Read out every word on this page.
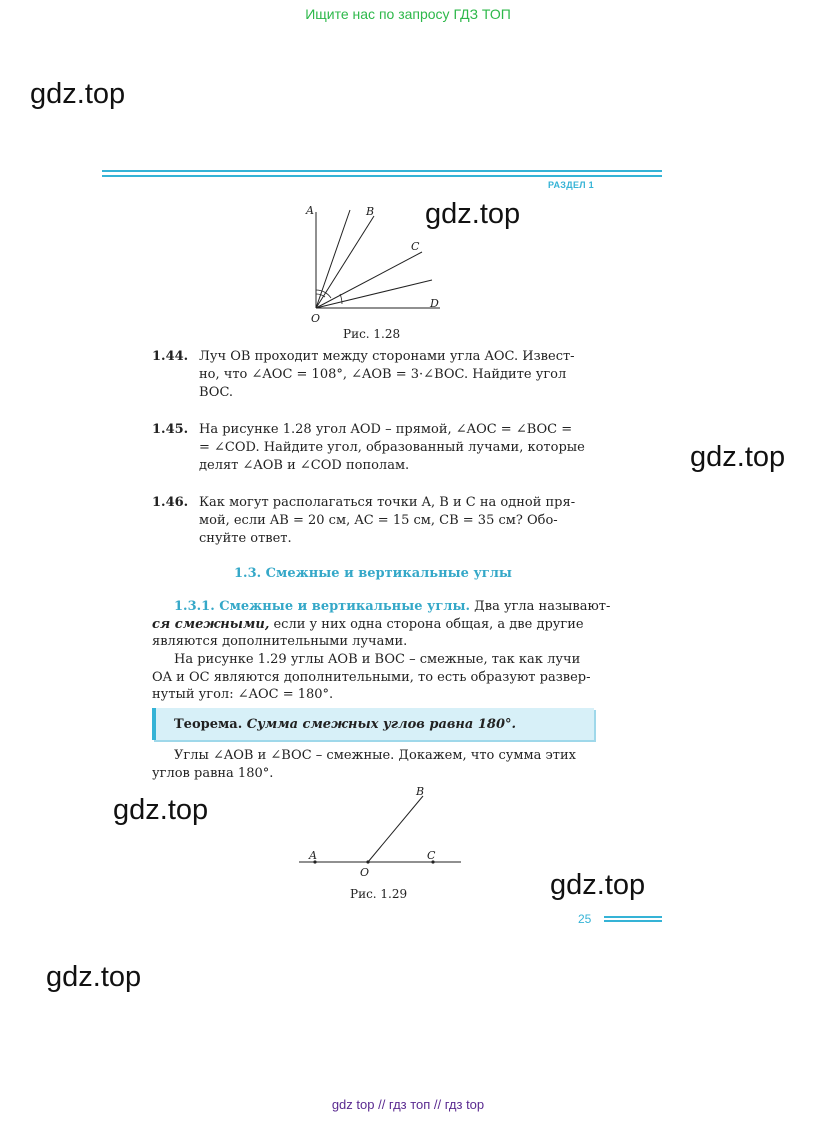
Ищите нас по запросу ГДЗ ТОП
gdz.top
gdz.top
gdz.top
gdz.top
gdz.top
gdz.top
РАЗДЕЛ 1
A	B
C
D
O
Рис. 1.28
1.44. Луч OB проходит между сторонами угла AOC. Извест-
но, что ∠AOC = 108°, ∠AOB = 3·∠BOC. Найдите угол
BOC.
1.45. На рисунке 1.28 угол AOD – прямой, ∠AOC = ∠BOC =
= ∠COD. Найдите угол, образованный лучами, которые
делят ∠AOB и ∠COD пополам.
1.46. Как могут располагаться точки A, B и C на одной пря-
мой, если AB = 20 см, AC = 15 см, CB = 35 см? Обо-
снуйте ответ.
1.3. Смежные и вертикальные углы
1.3.1. Смежные и вертикальные углы. Два угла называют-
ся смежными, если у них одна сторона общая, а две другие
являются дополнительными лучами.
На рисунке 1.29 углы AOB и BOC – смежные, так как лучи
OA и OC являются дополнительными, то есть образуют развер-
нутый угол: ∠AOC = 180°.
Теорема. Сумма смежных углов равна 180°.
Углы ∠AOB и ∠BOC – смежные. Докажем, что сумма этих
углов равна 180°.
A
B
C
O
Рис. 1.29
25
gdz top // гдз топ // гдз top
